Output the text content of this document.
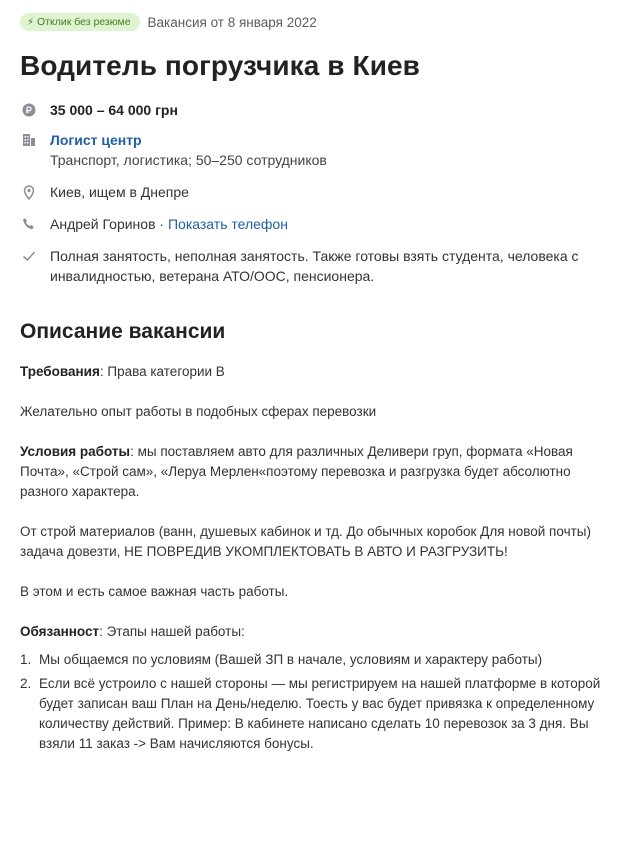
⚡︎ Отклик без резюме Вакансия от 8 января 2022
Водитель погрузчика в Киев
35 000 – 64 000 грн
Логист центр
Транспорт, логистика; 50–250 сотрудников
Киев, ищем в Днепре
Андрей Горинов · Показать телефон
Полная занятость, неполная занятость. Также готовы взять студента, человека с инвалидностью, ветерана АТО/ООС, пенсионера.
Описание вакансии

Требования: Права категории В

Желательно опыт работы в подобных сферах перевозки

Условия работы: мы поставляем авто для различных Деливери груп, формата «Новая Почта», «Строй сам», «Леруа Мерлен«поэтому перевозка и разгрузка будет абсолютно разного характера.

От строй материалов (ванн, душевых кабинок и тд. До обычных коробок Для новой почты) задача довезти, НЕ ПОВРЕДИВ УКОМПЛЕКТОВАТЬ В АВТО И РАЗГРУЗИТЬ!

В этом и есть самое важная часть работы.

Обязанност: Этапы нашей работы:

1. Мы общаемся по условиям (Вашей ЗП в начале, условиям и характеру работы)
2. Если всё устроило с нашей стороны — мы регистрируем на нашей платформе в которой будет записан ваш План на День/неделю. Тоесть у вас будет привязка к определенному количеству действий. Пример: В кабинете написано сделать 10 перевозок за 3 дня. Вы взяли 11 заказ -> Вам начисляются бонусы.
